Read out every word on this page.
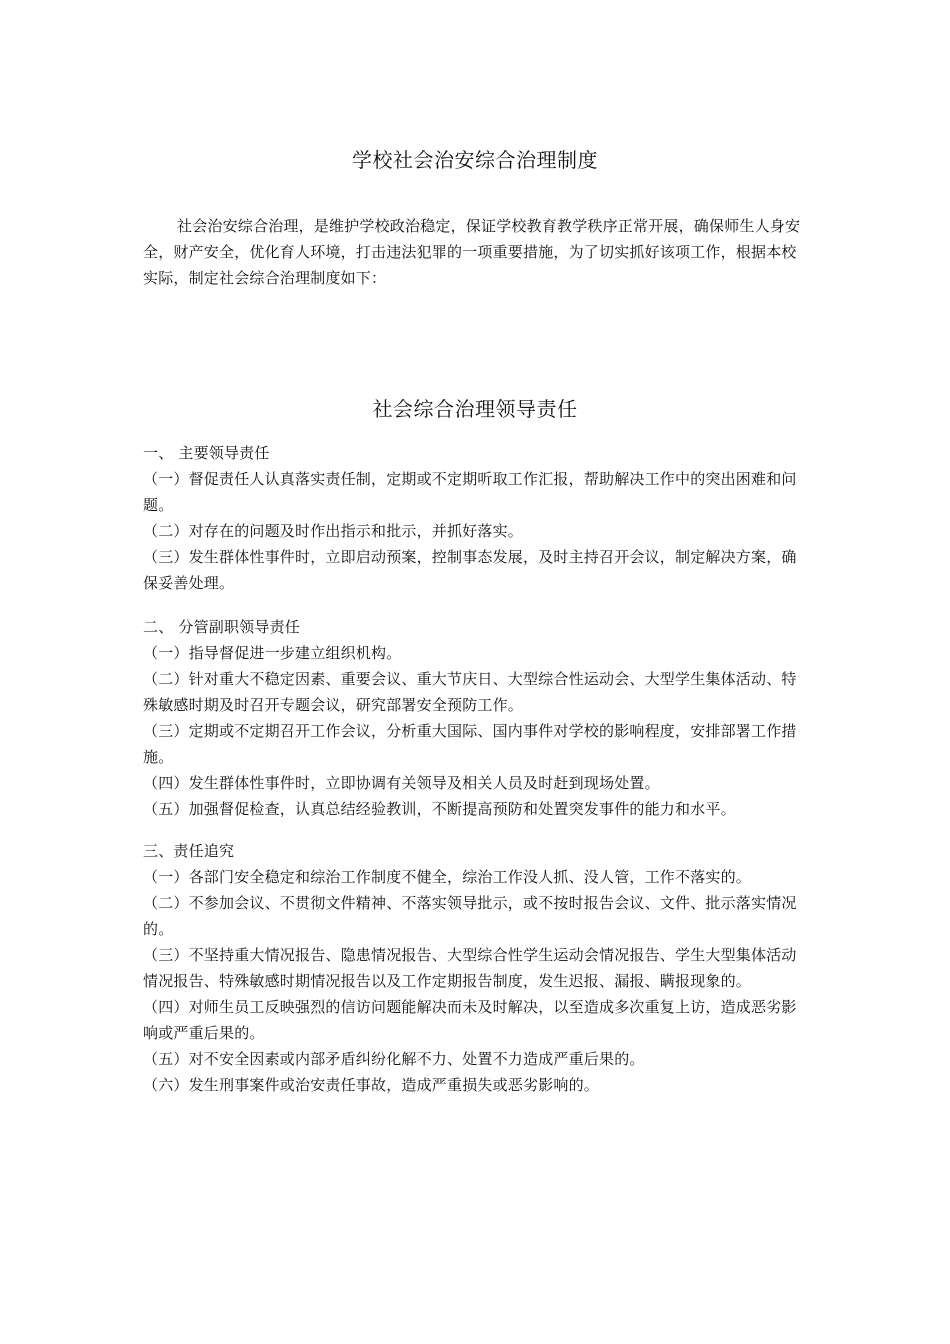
学校社会治安综合治理制度
社会治安综合治理，是维护学校政治稳定，保证学校教育教学秩序正常开展，确保师生人身安全，财产安全，优化育人环境，打击违法犯罪的一项重要措施，为了切实抓好该项工作，根据本校实际，制定社会综合治理制度如下：
社会综合治理领导责任

一、 主要领导责任

（一）督促责任人认真落实责任制，定期或不定期听取工作汇报，帮助解决工作中的突出困难和问题。

（二）对存在的问题及时作出指示和批示，并抓好落实。

（三）发生群体性事件时，立即启动预案，控制事态发展，及时主持召开会议，制定解决方案，确保妥善处理。

二、 分管副职领导责任

（一）指导督促进一步建立组织机构。

（二）针对重大不稳定因素、重要会议、重大节庆日、大型综合性运动会、大型学生集体活动、特殊敏感时期及时召开专题会议，研究部署安全预防工作。

（三）定期或不定期召开工作会议，分析重大国际、国内事件对学校的影响程度，安排部署工作措施。

（四）发生群体性事件时，立即协调有关领导及相关人员及时赶到现场处置。

（五）加强督促检查，认真总结经验教训，不断提高预防和处置突发事件的能力和水平。

三、责任追究

（一）各部门安全稳定和综治工作制度不健全，综治工作没人抓、没人管，工作不落实的。

（二）不参加会议、不贯彻文件精神、不落实领导批示，或不按时报告会议、文件、批示落实情况的。

（三）不坚持重大情况报告、隐患情况报告、大型综合性学生运动会情况报告、学生大型集体活动情况报告、特殊敏感时期情况报告以及工作定期报告制度，发生迟报、漏报、瞒报现象的。

（四）对师生员工反映强烈的信访问题能解决而未及时解决，以至造成多次重复上访，造成恶劣影响或严重后果的。

（五）对不安全因素或内部矛盾纠纷化解不力、处置不力造成严重后果的。

（六）发生刑事案件或治安责任事故，造成严重损失或恶劣影响的。
